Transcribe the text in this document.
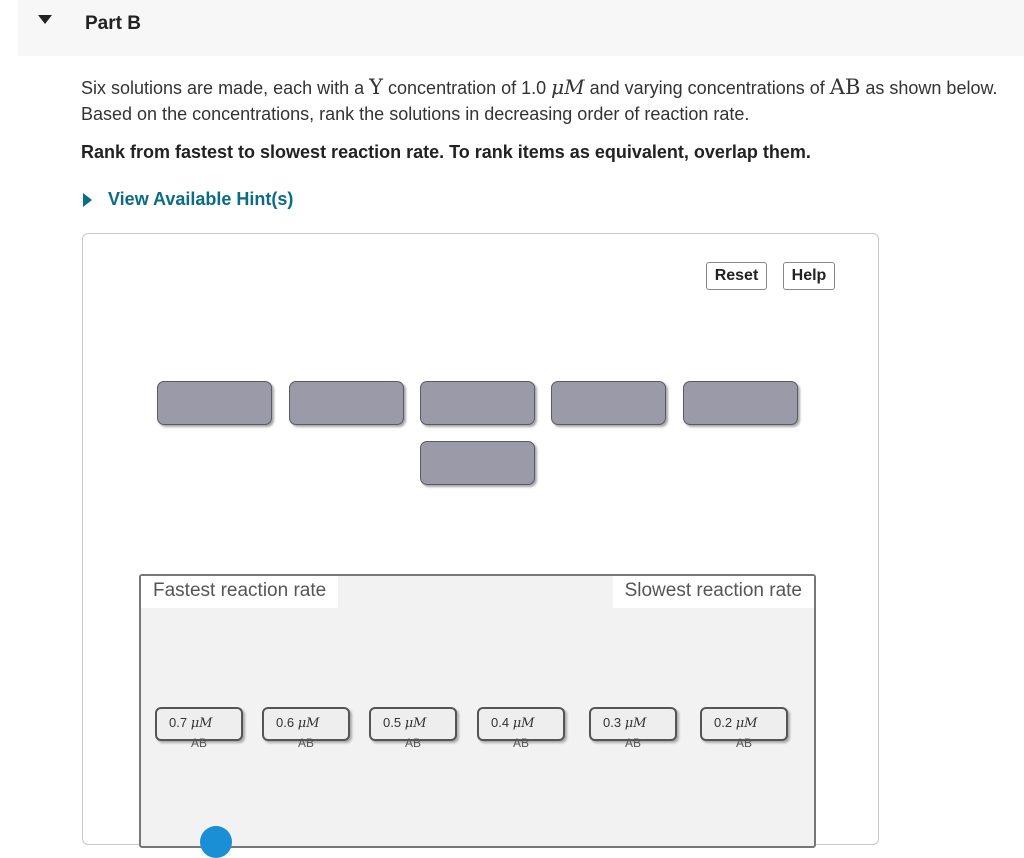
Part B
Six solutions are made, each with a Y concentration of 1.0 μM and varying concentrations of AB as shown below. Based on the concentrations, rank the solutions in decreasing order of reaction rate.
Rank from fastest to slowest reaction rate. To rank items as equivalent, overlap them.
View Available Hint(s)
Reset	Help
Fastest reaction rate	Slowest reaction rate
0.7 μM
AB
0.6 μM
AB
0.5 μM
AB
0.4 μM
AB
0.3 μM
AB
0.2 μM
AB
